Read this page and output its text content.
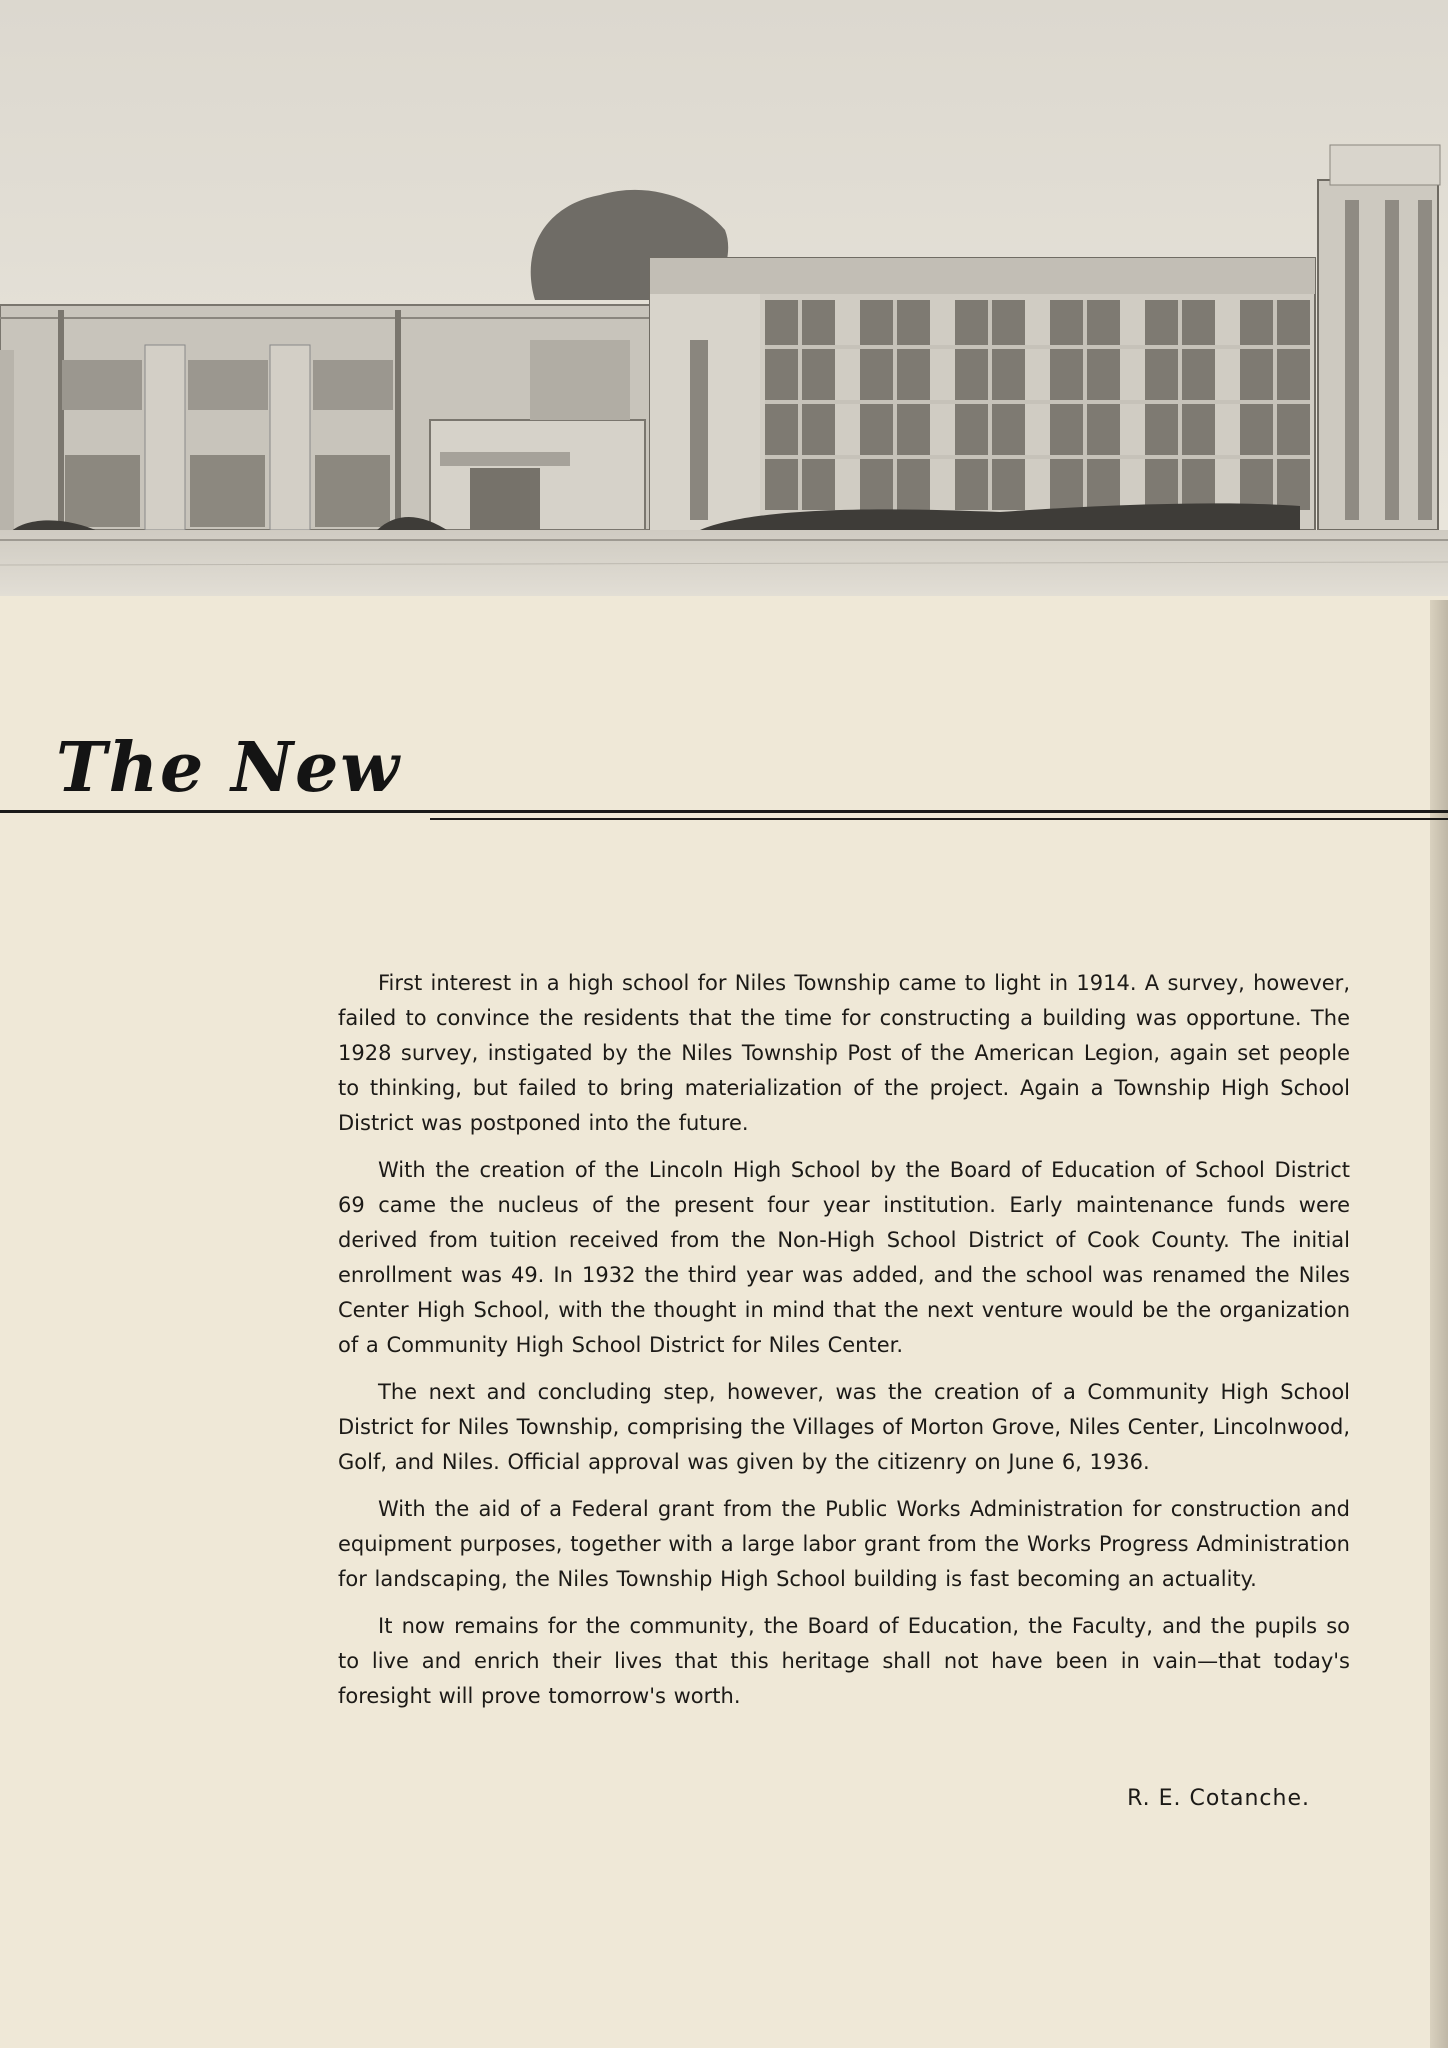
The New

First interest in a high school for Niles Township came to light in 1914. A survey, however, failed to convince the residents that the time for constructing a building was opportune. The 1928 survey, instigated by the Niles Township Post of the American Legion, again set people to thinking, but failed to bring materialization of the project. Again a Township High School District was postponed into the future.

With the creation of the Lincoln High School by the Board of Education of School District 69 came the nucleus of the present four year institution. Early maintenance funds were derived from tuition received from the Non-High School District of Cook County. The initial enrollment was 49. In 1932 the third year was added, and the school was renamed the Niles Center High School, with the thought in mind that the next venture would be the organization of a Community High School District for Niles Center.

The next and concluding step, however, was the creation of a Community High School District for Niles Township, comprising the Villages of Morton Grove, Niles Center, Lincolnwood, Golf, and Niles. Official approval was given by the citizenry on June 6, 1936.

With the aid of a Federal grant from the Public Works Administration for construction and equipment purposes, together with a large labor grant from the Works Progress Administration for landscaping, the Niles Township High School building is fast becoming an actuality.

It now remains for the community, the Board of Education, the Faculty, and the pupils so to live and enrich their lives that this heritage shall not have been in vain—that today's foresight will prove tomorrow's worth.

R. E. Cotanche.
